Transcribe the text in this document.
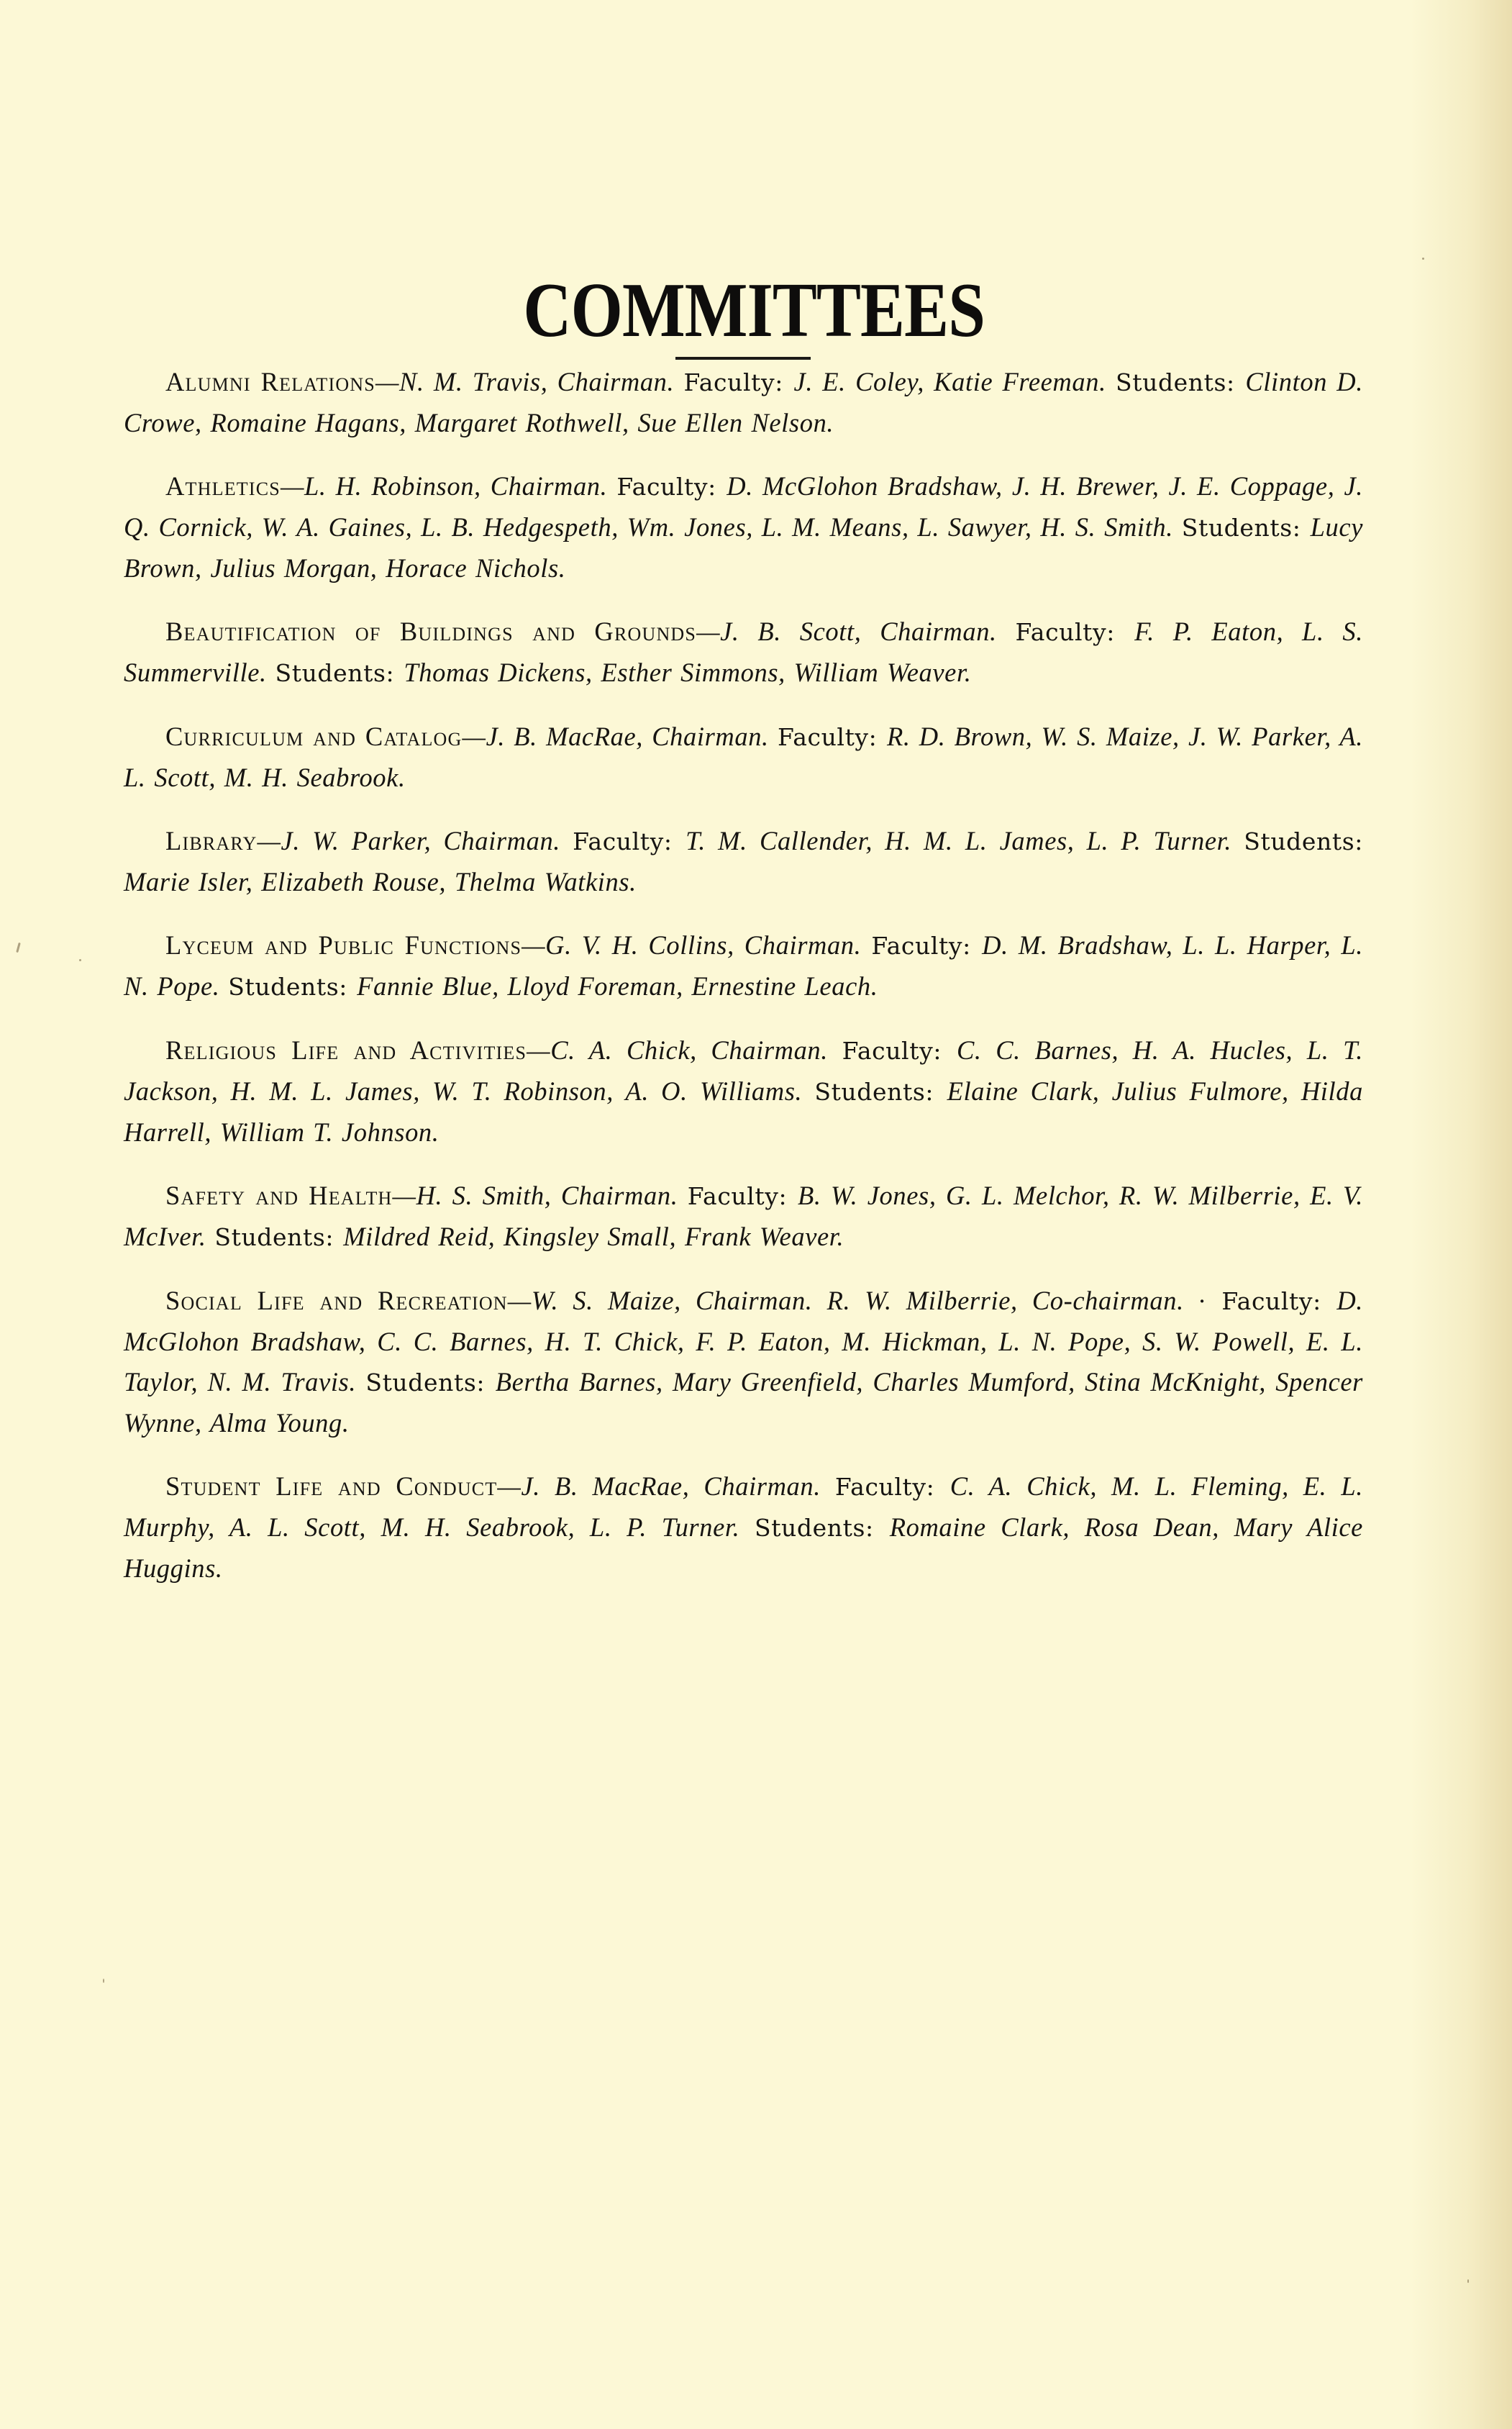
COMMITTEES

Alumni Relations—N. M. Travis, Chairman. Faculty: J. E. Coley, Katie Freeman. Students: Clinton D. Crowe, Romaine Hagans, Margaret Rothwell, Sue Ellen Nelson.

Athletics—L. H. Robinson, Chairman. Faculty: D. McGlohon Bradshaw, J. H. Brewer, J. E. Coppage, J. Q. Cornick, W. A. Gaines, L. B. Hedgespeth, Wm. Jones, L. M. Means, L. Sawyer, H. S. Smith. Students: Lucy Brown, Julius Morgan, Horace Nichols.

Beautification of Buildings and Grounds—J. B. Scott, Chairman. Faculty: F. P. Eaton, L. S. Summerville. Students: Thomas Dickens, Esther Simmons, William Weaver.

Curriculum and Catalog—J. B. MacRae, Chairman. Faculty: R. D. Brown, W. S. Maize, J. W. Parker, A. L. Scott, M. H. Seabrook.

Library—J. W. Parker, Chairman. Faculty: T. M. Callender, H. M. L. James, L. P. Turner. Students: Marie Isler, Elizabeth Rouse, Thelma Watkins.

Lyceum and Public Functions—G. V. H. Collins, Chairman. Faculty: D. M. Bradshaw, L. L. Harper, L. N. Pope. Students: Fannie Blue, Lloyd Foreman, Ernestine Leach.

Religious Life and Activities—C. A. Chick, Chairman. Faculty: C. C. Barnes, H. A. Hucles, L. T. Jackson, H. M. L. James, W. T. Robinson, A. O. Williams. Students: Elaine Clark, Julius Fulmore, Hilda Harrell, William T. Johnson.

Safety and Health—H. S. Smith, Chairman. Faculty: B. W. Jones, G. L. Melchor, R. W. Milberrie, E. V. McIver. Students: Mildred Reid, Kingsley Small, Frank Weaver.

Social Life and Recreation—W. S. Maize, Chairman. R. W. Milberrie, Co-chairman. · Faculty: D. McGlohon Bradshaw, C. C. Barnes, H. T. Chick, F. P. Eaton, M. Hickman, L. N. Pope, S. W. Powell, E. L. Taylor, N. M. Travis. Students: Bertha Barnes, Mary Greenfield, Charles Mumford, Stina McKnight, Spencer Wynne, Alma Young.

Student Life and Conduct—J. B. MacRae, Chairman. Faculty: C. A. Chick, M. L. Fleming, E. L. Murphy, A. L. Scott, M. H. Seabrook, L. P. Turner. Students: Romaine Clark, Rosa Dean, Mary Alice Huggins.
